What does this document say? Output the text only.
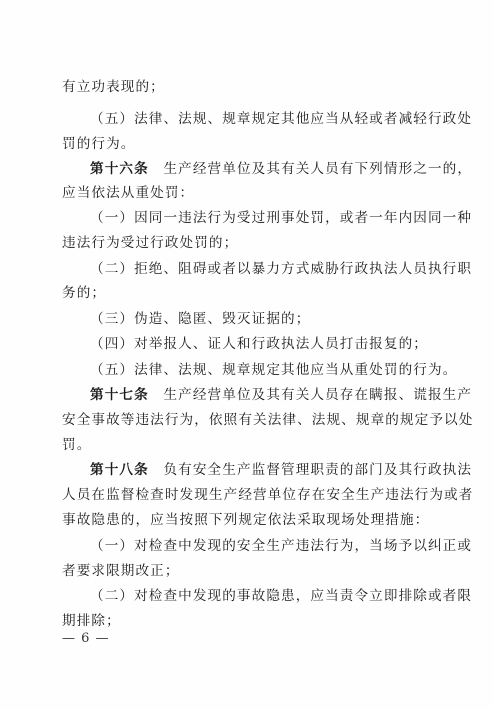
有立功表现的；
（五）法律、法规、规章规定其他应当从轻或者减轻行政处
罚的行为。
第十六条　生产经营单位及其有关人员有下列情形之一的，
应当依法从重处罚：
（一）因同一违法行为受过刑事处罚，或者一年内因同一种
违法行为受过行政处罚的；
（二）拒绝、阻碍或者以暴力方式威胁行政执法人员执行职
务的；
（三）伪造、隐匿、毁灭证据的；
（四）对举报人、证人和行政执法人员打击报复的；
（五）法律、法规、规章规定其他应当从重处罚的行为。
第十七条　生产经营单位及其有关人员存在瞒报、谎报生产
安全事故等违法行为，依照有关法律、法规、规章的规定予以处
罚。
第十八条　负有安全生产监督管理职责的部门及其行政执法
人员在监督检查时发现生产经营单位存在安全生产违法行为或者
事故隐患的，应当按照下列规定依法采取现场处理措施：
（一）对检查中发现的安全生产违法行为，当场予以纠正或
者要求限期改正；
（二）对检查中发现的事故隐患，应当责令立即排除或者限
期排除；
— 6 —
